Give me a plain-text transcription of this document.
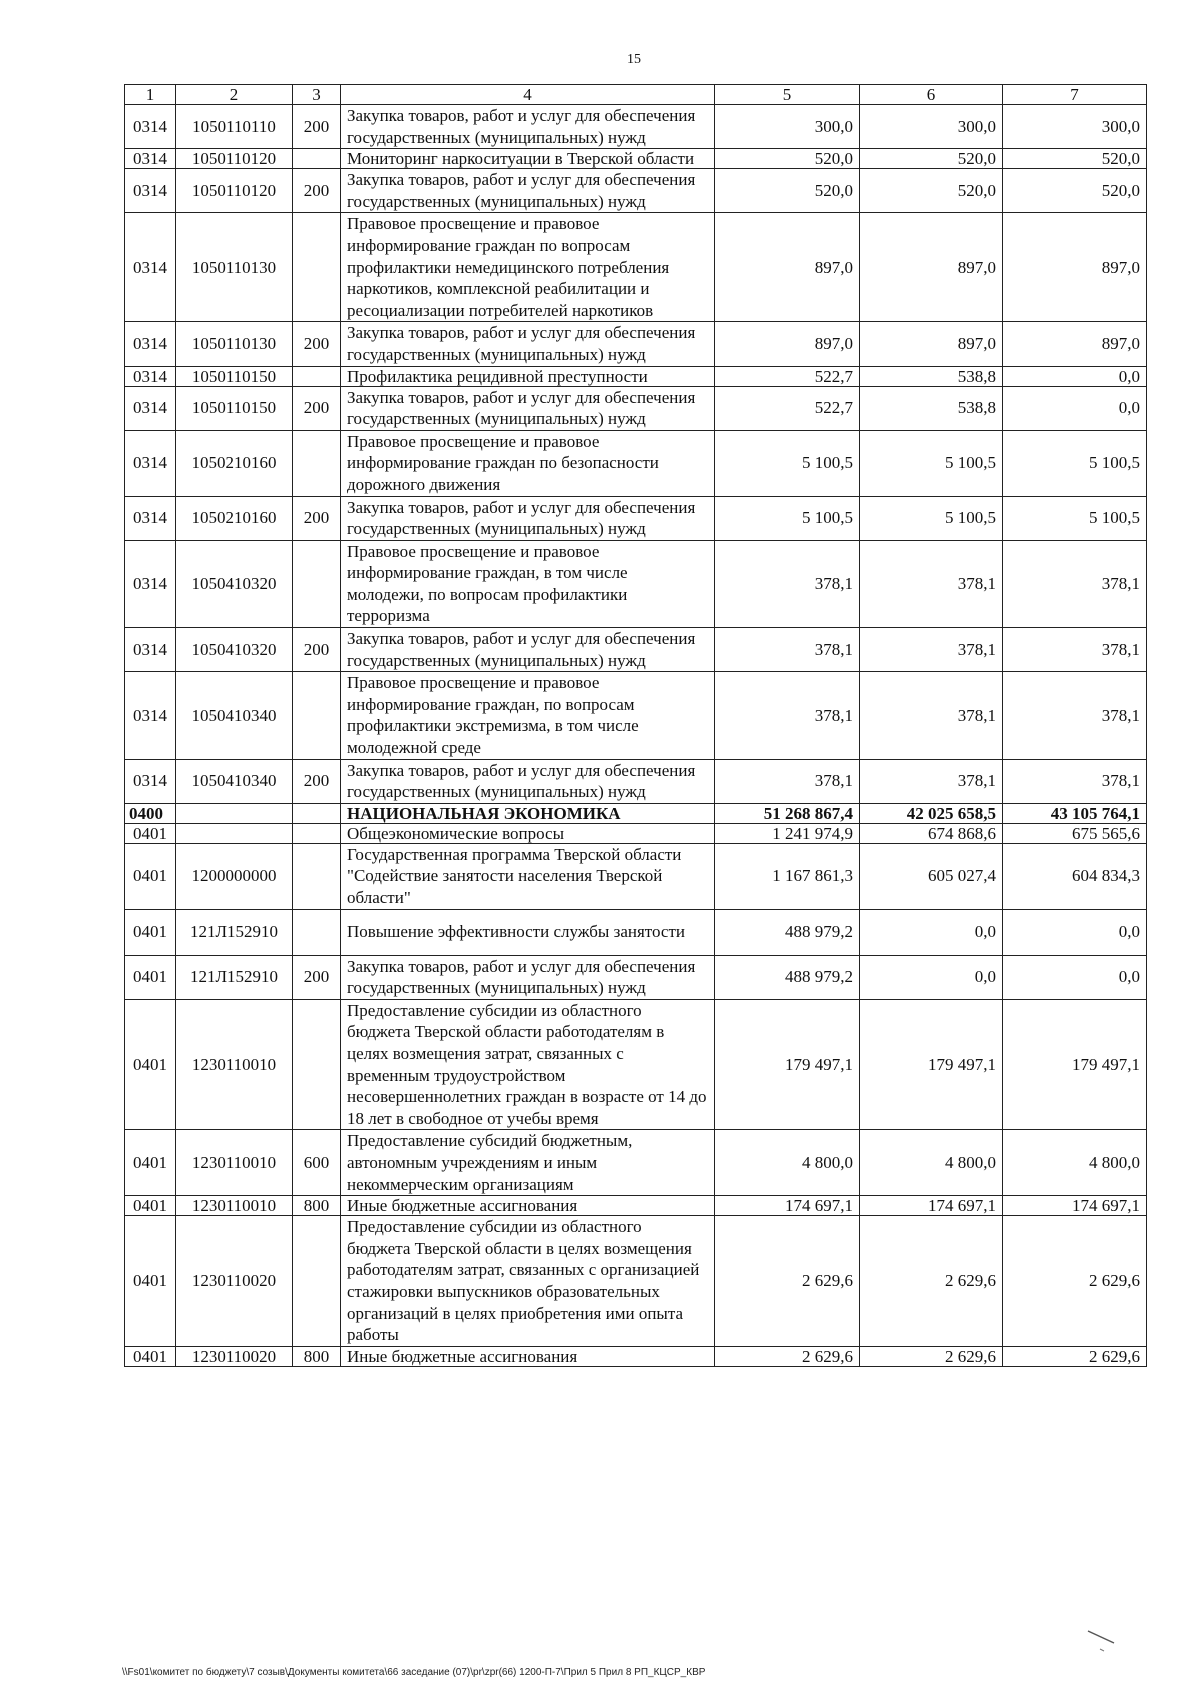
15
1	2	3	4	5	6	7
0314	1050110110	200	Закупка товаров, работ и услуг для обеспечения государственных (муниципальных) нужд	300,0	300,0	300,0
0314	1050110120		Мониторинг наркоситуации в Тверской области	520,0	520,0	520,0
0314	1050110120	200	Закупка товаров, работ и услуг для обеспечения государственных (муниципальных) нужд	520,0	520,0	520,0
0314	1050110130		Правовое просвещение и правовое информирование граждан по вопросам профилактики немедицинского потребления наркотиков, комплексной реабилитации и ресоциализации потребителей наркотиков	897,0	897,0	897,0
0314	1050110130	200	Закупка товаров, работ и услуг для обеспечения государственных (муниципальных) нужд	897,0	897,0	897,0
0314	1050110150		Профилактика рецидивной преступности	522,7	538,8	0,0
0314	1050110150	200	Закупка товаров, работ и услуг для обеспечения государственных (муниципальных) нужд	522,7	538,8	0,0
0314	1050210160		Правовое просвещение и правовое информирование граждан по безопасности дорожного движения	5 100,5	5 100,5	5 100,5
0314	1050210160	200	Закупка товаров, работ и услуг для обеспечения государственных (муниципальных) нужд	5 100,5	5 100,5	5 100,5
0314	1050410320		Правовое просвещение и правовое информирование граждан, в том числе молодежи, по вопросам профилактики терроризма	378,1	378,1	378,1
0314	1050410320	200	Закупка товаров, работ и услуг для обеспечения государственных (муниципальных) нужд	378,1	378,1	378,1
0314	1050410340		Правовое просвещение и правовое информирование граждан, по вопросам профилактики экстремизма, в том числе молодежной среде	378,1	378,1	378,1
0314	1050410340	200	Закупка товаров, работ и услуг для обеспечения государственных (муниципальных) нужд	378,1	378,1	378,1
0400			НАЦИОНАЛЬНАЯ ЭКОНОМИКА	51 268 867,4	42 025 658,5	43 105 764,1
0401			Общеэкономические вопросы	1 241 974,9	674 868,6	675 565,6
0401	1200000000		Государственная программа Тверской области "Содействие занятости населения Тверской области"	1 167 861,3	605 027,4	604 834,3
0401	121Л152910		Повышение эффективности службы занятости	488 979,2	0,0	0,0
0401	121Л152910	200	Закупка товаров, работ и услуг для обеспечения государственных (муниципальных) нужд	488 979,2	0,0	0,0
0401	1230110010		Предоставление субсидии из областного бюджета Тверской области работодателям в целях возмещения затрат, связанных с временным трудоустройством несовершеннолетних граждан в возрасте от 14 до 18 лет в свободное от учебы время	179 497,1	179 497,1	179 497,1
0401	1230110010	600	Предоставление субсидий бюджетным, автономным учреждениям и иным некоммерческим организациям	4 800,0	4 800,0	4 800,0
0401	1230110010	800	Иные бюджетные ассигнования	174 697,1	174 697,1	174 697,1
0401	1230110020		Предоставление субсидии из областного бюджета Тверской области в целях возмещения работодателям затрат, связанных с организацией стажировки выпускников образовательных организаций в целях приобретения ими опыта работы	2 629,6	2 629,6	2 629,6
0401	1230110020	800	Иные бюджетные ассигнования	2 629,6	2 629,6	2 629,6
\\Fs01\комитет по бюджету\7 созыв\Документы комитета\66 заседание (07)\pr\zpr(66) 1200-П-7\Прил 5 Прил 8 РП_КЦСР_КВР
